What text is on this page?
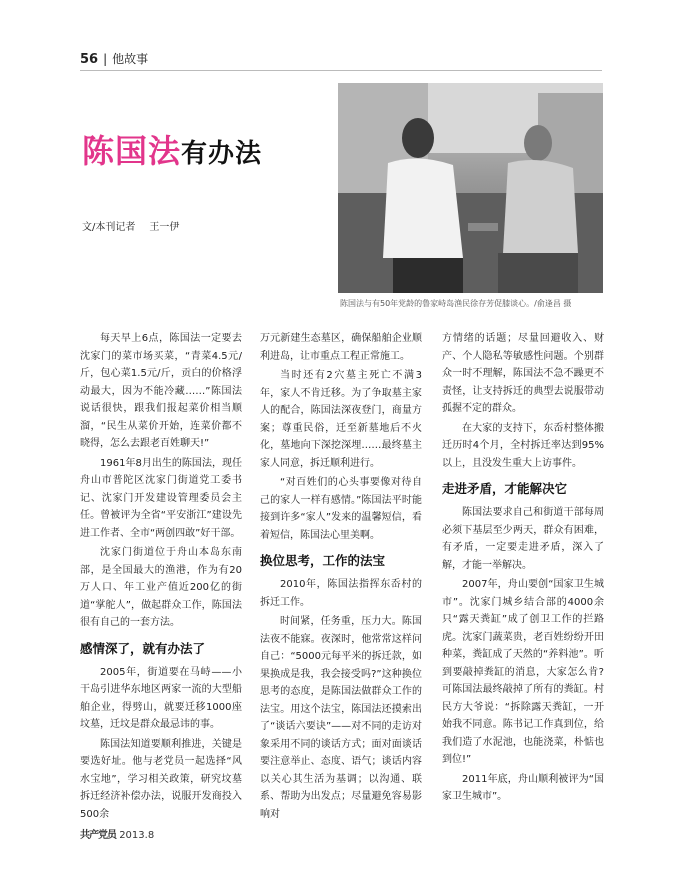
56 | 他故事
陈国法与有50年党龄的鲁家峙岛渔民徐存芳促膝谈心。/俞逢昌 摄
陈国法有办法
文/本刊记者 王一伊

每天早上6点，陈国法一定要去沈家门的菜市场买菜，“青菜4.5元/斤，包心菜1.5元/斤，贡白的价格浮动最大，因为不能冷藏……”陈国法说话很快，跟我们报起菜价相当顺溜，“民生从菜价开始，连菜价都不晓得，怎么去跟老百姓聊天!”

1961年8月出生的陈国法，现任舟山市普陀区沈家门街道党工委书记、沈家门开发建设管理委员会主任。曾被评为全省“平安浙江”建设先进工作者、全市“两创四敢”好干部。

沈家门街道位于舟山本岛东南部，是全国最大的渔港，作为有20万人口、年工业产值近200亿的街道“掌舵人”，做起群众工作，陈国法很有自己的一套方法。

感情深了，就有办法了

2005年，街道要在马峙——小干岛引进华东地区两家一流的大型船舶企业，得劈山，就要迁移1000座坟墓，迁坟是群众最忌讳的事。

陈国法知道要顺利推进，关键是要选好址。他与老党员一起选择“风水宝地”，学习相关政策，研究坟墓拆迁经济补偿办法，说服开发商投入500余

万元新建生态墓区，确保船舶企业顺利进岛，让市重点工程正常施工。

当时还有2穴墓主死亡不满3年，家人不肯迁移。为了争取墓主家人的配合，陈国法深夜登门，商量方案；尊重民俗，迁至新墓地后不火化，墓地向下深挖深埋……最终墓主家人同意，拆迁顺利进行。

“对百姓们的心头事要像对待自己的家人一样有感情。”陈国法平时能接到许多“家人”发来的温馨短信，看着短信，陈国法心里美啊。

换位思考，工作的法宝

2010年，陈国法指挥东岙村的拆迁工作。

时间紧，任务重，压力大。陈国法夜不能寐。夜深时，他常常这样问自己：“5000元每平米的拆迁款，如果换成是我，我会接受吗?”这种换位思考的态度，是陈国法做群众工作的法宝。用这个法宝，陈国法还摸索出了“谈话六要诀”——对不同的走访对象采用不同的谈话方式；面对面谈话要注意举止、态度、语气；谈话内容以关心其生活为基调；以沟通、联系、帮助为出发点；尽量避免容易影响对

方情绪的话题；尽量回避收入、财产、个人隐私等敏感性问题。个别群众一时不理解，陈国法不急不躁更不责怪，让支持拆迁的典型去说服带动孤握不定的群众。

在大家的支持下，东岙村整体搬迁历时4个月，全村拆迁率达到95%以上，且没发生重大上访事件。

走进矛盾，才能解决它

陈国法要求自己和街道干部每周必须下基层至少两天，群众有困难，有矛盾，一定要走进矛盾，深入了解，才能一举解决。

2007年，舟山要创“国家卫生城市”。沈家门城乡结合部的4000余只“露天粪缸”成了创卫工作的拦路虎。沈家门蔬菜贵，老百姓纷纷开田种菜，粪缸成了天然的“养料池”。听到要敲掉粪缸的消息，大家怎么肯?可陈国法最终敲掉了所有的粪缸。村民方大爷说：“拆除露天粪缸，一开始我不同意。陈书记工作真到位，给我们造了水泥池，也能浇菜，朴惦也到位!”

2011年底，舟山顺利被评为“国家卫生城市”。

共产党员 2013.8
